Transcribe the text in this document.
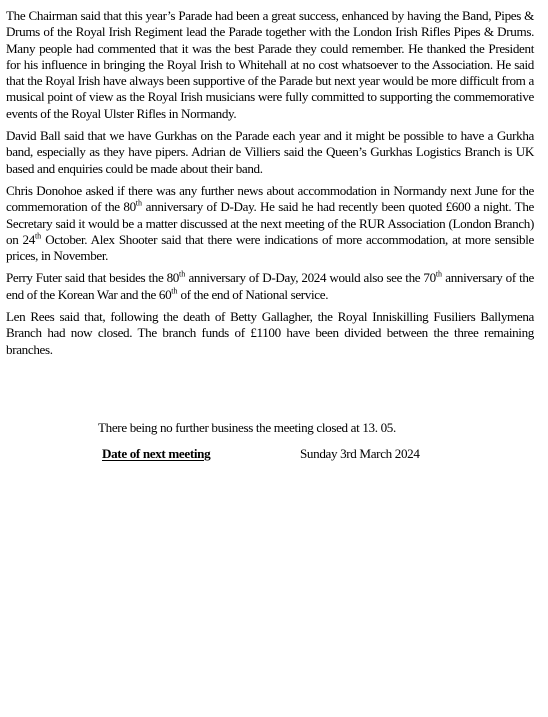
The Chairman said that this year’s Parade had been a great success, enhanced by having the Band, Pipes & Drums of the Royal Irish Regiment lead the Parade together with the London Irish Rifles Pipes & Drums. Many people had commented that it was the best Parade they could remember. He thanked the President for his influence in bringing the Royal Irish to Whitehall at no cost whatsoever to the Association. He said that the Royal Irish have always been supportive of the Parade but next year would be more difficult from a musical point of view as the Royal Irish musicians were fully committed to supporting the commemorative events of the Royal Ulster Rifles in Normandy.

David Ball said that we have Gurkhas on the Parade each year and it might be possible to have a Gurkha band, especially as they have pipers. Adrian de Villiers said the Queen’s Gurkhas Logistics Branch is UK based and enquiries could be made about their band.

Chris Donohoe asked if there was any further news about accommodation in Normandy next June for the commemoration of the 80th anniversary of D-Day. He said he had recently been quoted £600 a night. The Secretary said it would be a matter discussed at the next meeting of the RUR Association (London Branch) on 24th October. Alex Shooter said that there were indications of more accommodation, at more sensible prices, in November.

Perry Futer said that besides the 80th anniversary of D-Day, 2024 would also see the 70th anniversary of the end of the Korean War and the 60th of the end of National service.

Len Rees said that, following the death of Betty Gallagher, the Royal Inniskilling Fusiliers Ballymena Branch had now closed. The branch funds of £1100 have been divided between the three remaining branches.

There being no further business the meeting closed at 13. 05.
Date of next meeting	Sunday 3rd March 2024
